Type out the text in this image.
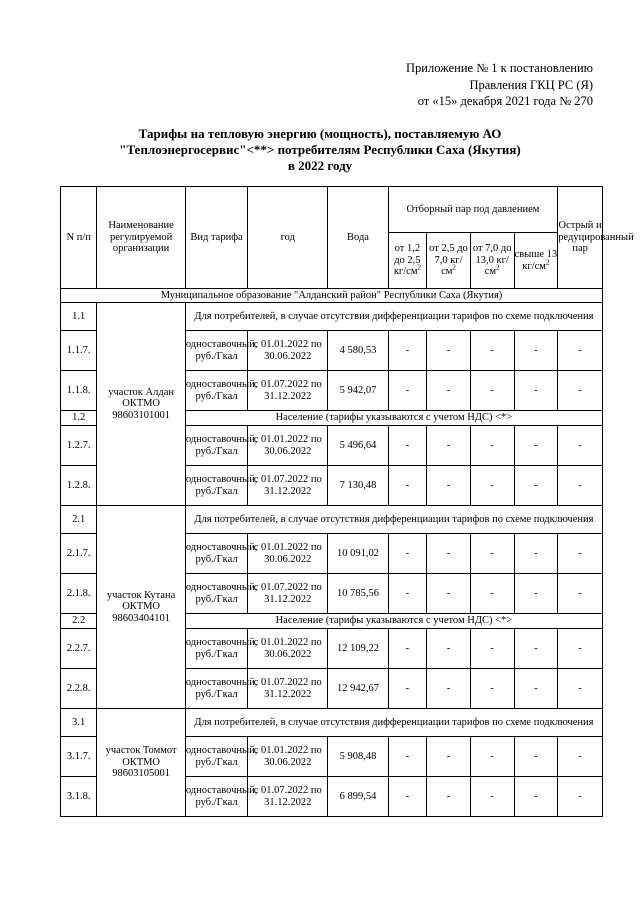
Приложение № 1 к постановлению
Правления ГКЦ РС (Я)
от «15» декабря 2021 года № 270
Тарифы на тепловую энергию (мощность), поставляемую АО
"Теплоэнергосервис"<**> потребителям Республики Саха (Якутия)
в 2022 году
N п/п	Наименование регулируемой организации	Вид тарифа	год	Вода	Отборный пар под давлением				Острый и редуцированный пар
					от 1,2 до 2,5 $кг/см^2$	от 2,5 до 7,0 $кг/см^2$	от 7,0 до 13,0 $кг/см^2$	свыше 13 $кг/см^2$
Муниципальное образование "Алданский район" Республики Саха (Якутия)									
1.1	участок Алдан ОКТМО 98603101001	Для потребителей, в случае отсутствия дифференциации тарифов по схеме подключения							
1.1.7.		одноставочный, руб./Гкал	с 01.01.2022 по 30.06.2022	4 580,53	-	-	-	-	-
1.1.8.		одноставочный, руб./Гкал	с 01.07.2022 по 31.12.2022	5 942,07	-	-	-	-	-
1.2		Население (тарифы указываются с учетом НДС) <*>							
1.2.7.		одноставочный, руб./Гкал	с 01.01.2022 по 30.06.2022	5 496,64	-	-	-	-	-
1.2.8.		одноставочный, руб./Гкал	с 01.07.2022 по 31.12.2022	7 130,48	-	-	-	-	-
2.1	участок Кутана ОКТМО 98603404101	Для потребителей, в случае отсутствия дифференциации тарифов по схеме подключения							
2.1.7.		одноставочный, руб./Гкал	с 01.01.2022 по 30.06.2022	10 091,02	-	-	-	-	-
2.1.8.		одноставочный, руб./Гкал	с 01.07.2022 по 31.12.2022	10 785,56	-	-	-	-	-
2.2		Население (тарифы указываются с учетом НДС) <*>							
2.2.7.		одноставочный, руб./Гкал	с 01.01.2022 по 30.06.2022	12 109,22	-	-	-	-	-
2.2.8.		одноставочный, руб./Гкал	с 01.07.2022 по 31.12.2022	12 942,67	-	-	-	-	-
3.1	участок Томмот ОКТМО 98603105001	Для потребителей, в случае отсутствия дифференциации тарифов по схеме подключения							
3.1.7.		одноставочный, руб./Гкал	с 01.01.2022 по 30.06.2022	5 908,48	-	-	-	-	-
3.1.8.		одноставочный, руб./Гкал	с 01.07.2022 по 31.12.2022	6 899,54	-	-	-	-	-
